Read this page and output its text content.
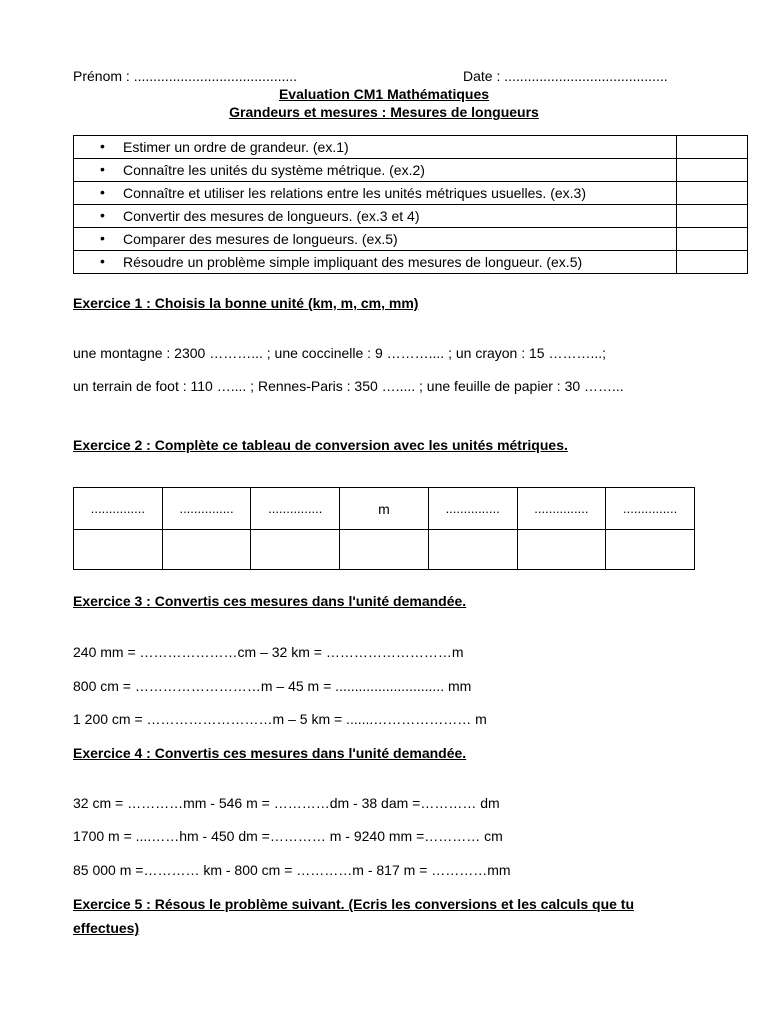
Prénom : ..........................................	Date : ..........................................
Evaluation CM1 Mathématiques
Grandeurs et mesures : Mesures de longueurs
• Estimer un ordre de grandeur. (ex.1)	

• Connaître les unités du système métrique. (ex.2)	

• Connaître et utiliser les relations entre les unités métriques usuelles. (ex.3)	

• Convertir des mesures de longueurs. (ex.3 et 4)	

• Comparer des mesures de longueurs. (ex.5)	

• Résoudre un problème simple impliquant des mesures de longueur. (ex.5)	
Exercice 1 : Choisis la bonne unité (km, m, cm, mm)
une montagne : 2300 ………... ; une coccinelle : 9 ……….... ; un crayon : 15 ………...;
un terrain de foot : 110 ….... ; Rennes-Paris : 350 …..... ; une feuille de papier : 30 ……...
Exercice 2 : Complète ce tableau de conversion avec les unités métriques.
...............	...............	...............	m	...............	...............	...............

Exercice 3 : Convertis ces mesures dans l'unité demandée.
240 mm = …………………cm – 32 km = ………………………m
800 cm = ………………………m – 45 m = ............................ mm
1 200 cm = ………………………m – 5 km = .......………………… m
Exercice 4 : Convertis ces mesures dans l'unité demandée.
32 cm = …………mm - 546 m = …………dm - 38 dam =………… dm
1700 m = ....……hm - 450 dm =………… m - 9240 mm =………… cm
85 000 m =………… km - 800 cm = …………m - 817 m = …………mm
Exercice 5 : Résous le problème suivant. (Ecris les conversions et les calculs que tu
effectues)
